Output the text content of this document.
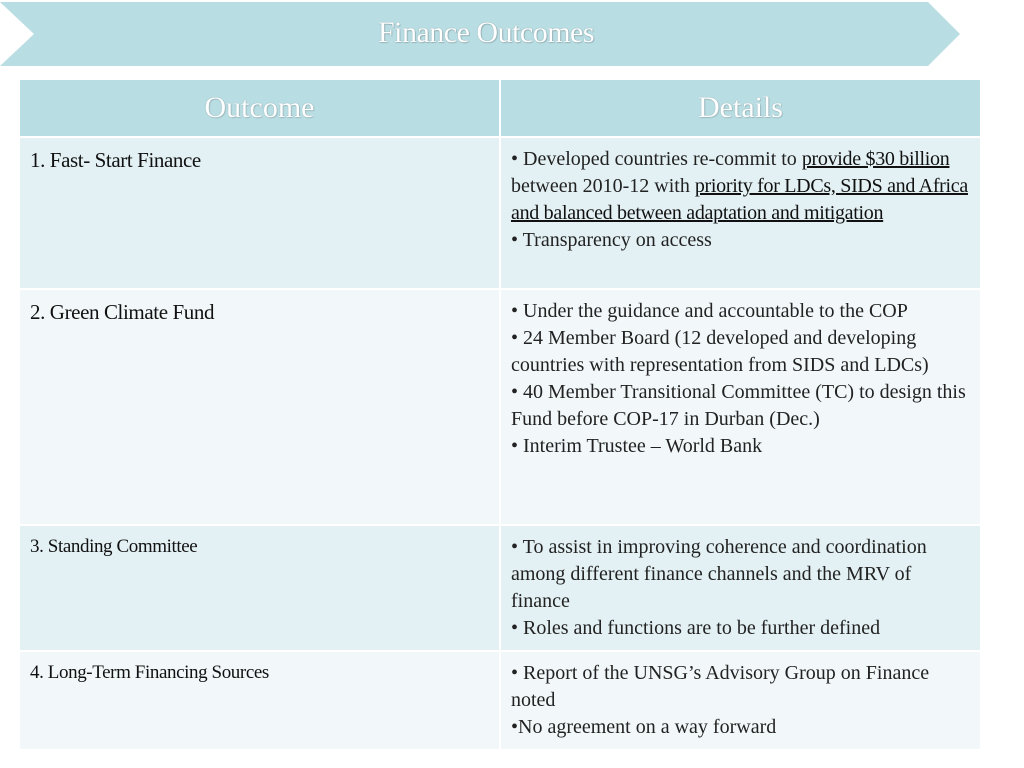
Finance Outcomes
Outcome	Details
1. Fast- Start Finance	• Developed countries re-commit to provide $30 billion between 2010-12 with priority for LDCs, SIDS and Africa and balanced between adaptation and mitigation
• Transparency on access

2. Green Climate Fund	• Under the guidance and accountable to the COP
• 24 Member Board (12 developed and developing countries with representation from SIDS and LDCs)
• 40 Member Transitional Committee (TC) to design this Fund before COP-17 in Durban (Dec.)
• Interim Trustee – World Bank

3. Standing Committee	• To assist in improving coherence and coordination among different finance channels and the MRV of finance
• Roles and functions are to be further defined

4. Long-Term Financing Sources	• Report of the UNSG’s Advisory Group on Finance noted
•No agreement on a way forward
